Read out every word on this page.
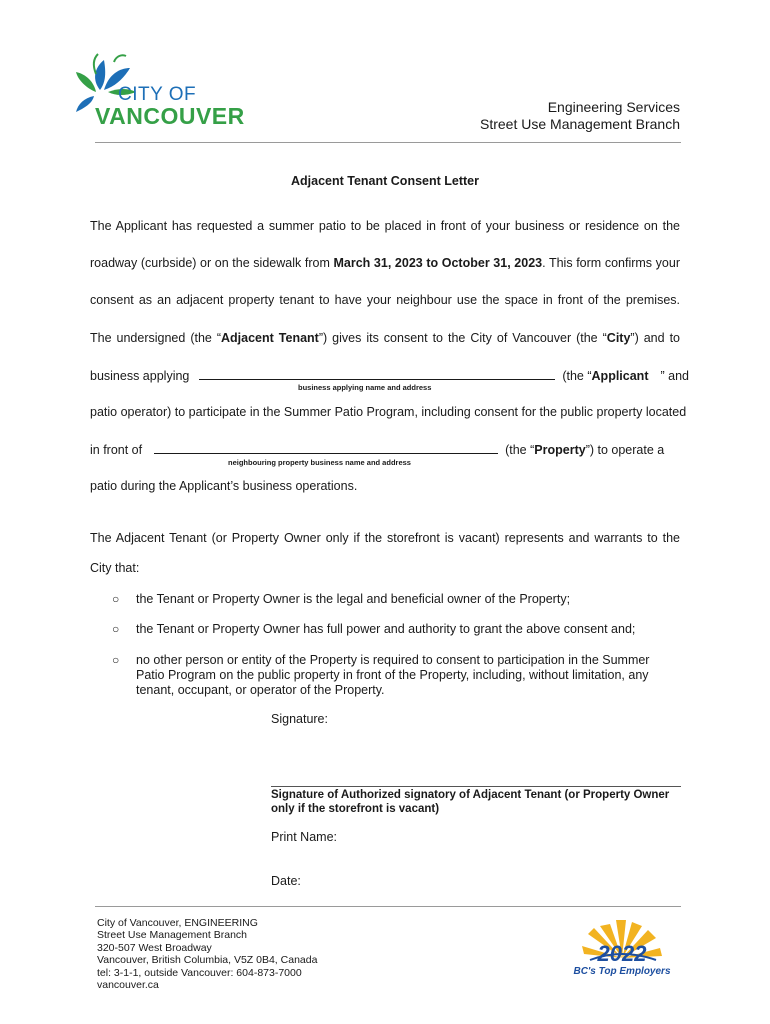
CITY OF
VANCOUVER	Engineering Services
Street Use Management Branch
Adjacent Tenant Consent Letter
The Applicant has requested a summer patio to be placed in front of your business or residence on the
roadway (curbside) or on the sidewalk from March 31, 2023 to October 31, 2023. This form confirms your
consent as an adjacent property tenant to have your neighbour use the space in front of the premises.
The undersigned (the “Adjacent Tenant”) gives its consent to the City of Vancouver (the “City”) and to
business applying	(the “Applicant ” and
business applying name and address
patio operator) to participate in the Summer Patio Program, including consent for the public property located
in front of	(the “Property”) to operate a
neighbouring property business name and address
patio during the Applicant’s business operations.
The Adjacent Tenant (or Property Owner only if the storefront is vacant) represents and warrants to the
City that:
○ the Tenant or Property Owner is the legal and beneficial owner of the Property;
○ the Tenant or Property Owner has full power and authority to grant the above consent and;
○ no other person or entity of the Property is required to consent to participation in the Summer Patio Program on the public property in front of the Property, including, without limitation, any tenant, occupant, or operator of the Property.
Signature:
Signature of Authorized signatory of Adjacent Tenant (or Property Owner only if the storefront is vacant)
Print Name:
Date:
City of Vancouver, ENGINEERING
Street Use Management Branch
320-507 West Broadway
Vancouver, British Columbia, V5Z 0B4, Canada
tel: 3-1-1, outside Vancouver: 604-873-7000
vancouver.ca
2022
BC's Top Employers
